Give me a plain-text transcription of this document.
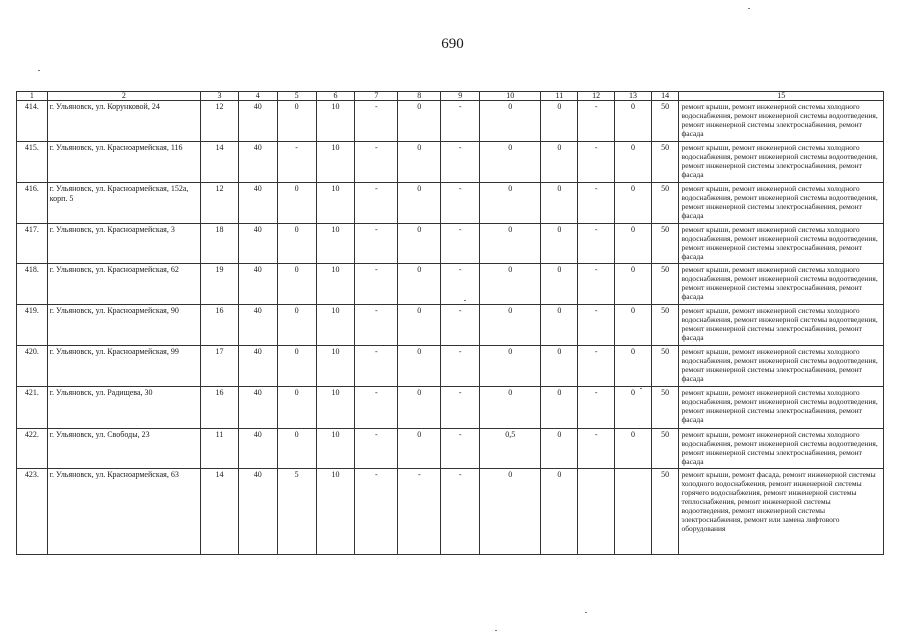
690
1	2	3	4	5	6	7	8	9	10	11	12	13	14	15
414.	г. Ульяновск, ул. Корунковой, 24	12	40	0	10	-	0	-	0	0	-	0	50	ремонт крыши, ремонт инженерной системы холодного водоснабжения, ремонт инженерной системы водоотведения, ремонт инженерной системы электроснабжения, ремонт фасада
415.	г. Ульяновск, ул. Красноармейская, 116	14	40	-	10	-	0	-	0	0	-	0	50	ремонт крыши, ремонт инженерной системы холодного водоснабжения, ремонт инженерной системы водоотведения, ремонт инженерной системы электроснабжения, ремонт фасада
416.	г. Ульяновск, ул. Красноармейская, 152а, корп. 5	12	40	0	10	-	0	-	0	0	-	0	50	ремонт крыши, ремонт инженерной системы холодного водоснабжения, ремонт инженерной системы водоотведения, ремонт инженерной системы электроснабжения, ремонт фасада
417.	г. Ульяновск, ул. Красноармейская, 3	18	40	0	10	-	0	-	0	0	-	0	50	ремонт крыши, ремонт инженерной системы холодного водоснабжения, ремонт инженерной системы водоотведения, ремонт инженерной системы электроснабжения, ремонт фасада
418.	г. Ульяновск, ул. Красноармейская, 62	19	40	0	10	-	0	-	0	0	-	0	50	ремонт крыши, ремонт инженерной системы холодного водоснабжения, ремонт инженерной системы водоотведения, ремонт инженерной системы электроснабжения, ремонт фасада
419.	г. Ульяновск, ул. Красноармейская, 90	16	40	0	10	-	0	-	0	0	-	0	50	ремонт крыши, ремонт инженерной системы холодного водоснабжения, ремонт инженерной системы водоотведения, ремонт инженерной системы электроснабжения, ремонт фасада
420.	г. Ульяновск, ул. Красноармейская, 99	17	40	0	10	-	0	-	0	0	-	0	50	ремонт крыши, ремонт инженерной системы холодного водоснабжения, ремонт инженерной системы водоотведения, ремонт инженерной системы электроснабжения, ремонт фасада
421.	г. Ульяновск, ул. Радищева, 30	16	40	0	10	-	0	-	0	0	-	0	50	ремонт крыши, ремонт инженерной системы холодного водоснабжения, ремонт инженерной системы водоотведения, ремонт инженерной системы электроснабжения, ремонт фасада
422.	г. Ульяновск, ул. Свободы, 23	11	40	0	10	-	0	-	0,5	0	-	0	50	ремонт крыши, ремонт инженерной системы холодного водоснабжения, ремонт инженерной системы водоотведения, ремонт инженерной системы электроснабжения, ремонт фасада
423.	г. Ульяновск, ул. Красноармейская, 63	14	40	5	10	-	-	-	0	0			50	ремонт крыши, ремонт фасада, ремонт инженерной системы холодного водоснабжения, ремонт инженерной системы горячего водоснабжения, ремонт инженерной системы теплоснабжения, ремонт инженерной системы водоотведения, ремонт инженерной системы электроснабжения, ремонт или замена лифтового оборудования
